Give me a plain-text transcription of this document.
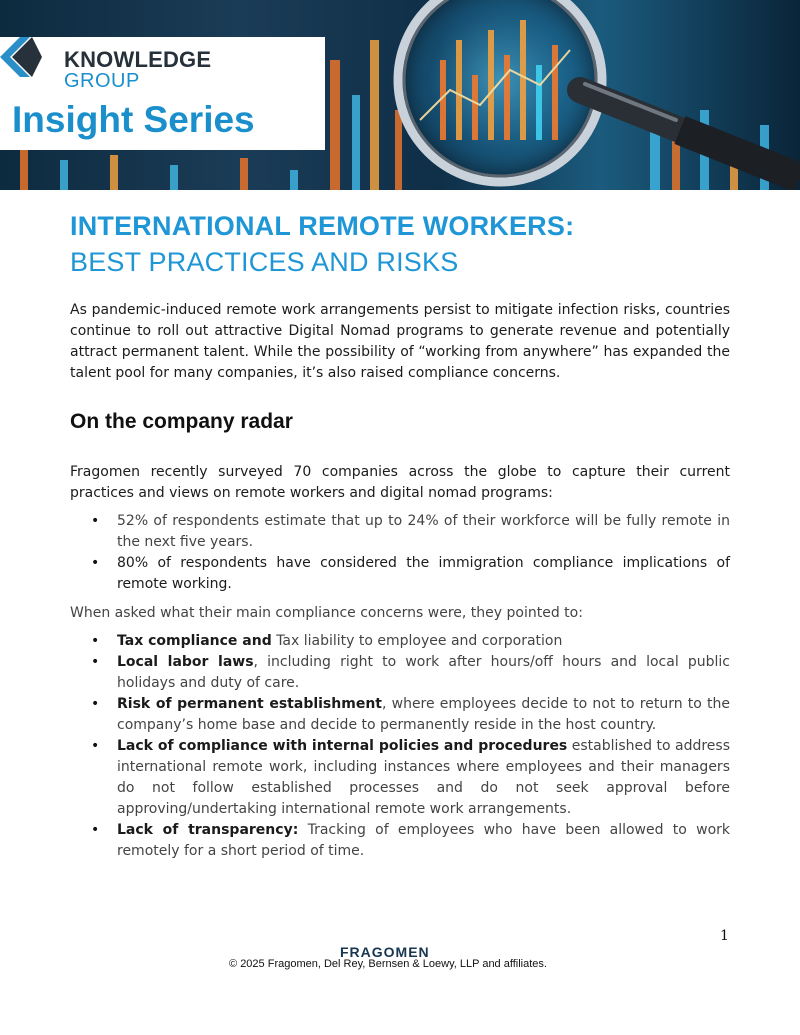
KNOWLEDGE
GROUP
Insight Series
INTERNATIONAL REMOTE WORKERS:
BEST PRACTICES AND RISKS

As pandemic-induced remote work arrangements persist to mitigate infection risks, countries continue to roll out attractive Digital Nomad programs to generate revenue and potentially attract permanent talent. While the possibility of “working from anywhere” has expanded the talent pool for many companies, it’s also raised compliance concerns.

On the company radar

Fragomen recently surveyed 70 companies across the globe to capture their current practices and views on remote workers and digital nomad programs:

• 52% of respondents estimate that up to 24% of their workforce will be fully remote in the next five years.
• 80% of respondents have considered the immigration compliance implications of remote working.

When asked what their main compliance concerns were, they pointed to:

• Tax compliance and Tax liability to employee and corporation
• Local labor laws, including right to work after hours/off hours and local public holidays and duty of care.
• Risk of permanent establishment, where employees decide to not to return to the company’s home base and decide to permanently reside in the host country.
• Lack of compliance with internal policies and procedures established to address international remote work, including instances where employees and their managers do not follow established processes and do not seek approval before approving/undertaking international remote work arrangements.
• Lack of transparency: Tracking of employees who have been allowed to work remotely for a short period of time.
1
FRAGOMEN
© 2025 Fragomen, Del Rey, Bernsen & Loewy, LLP and affiliates.
